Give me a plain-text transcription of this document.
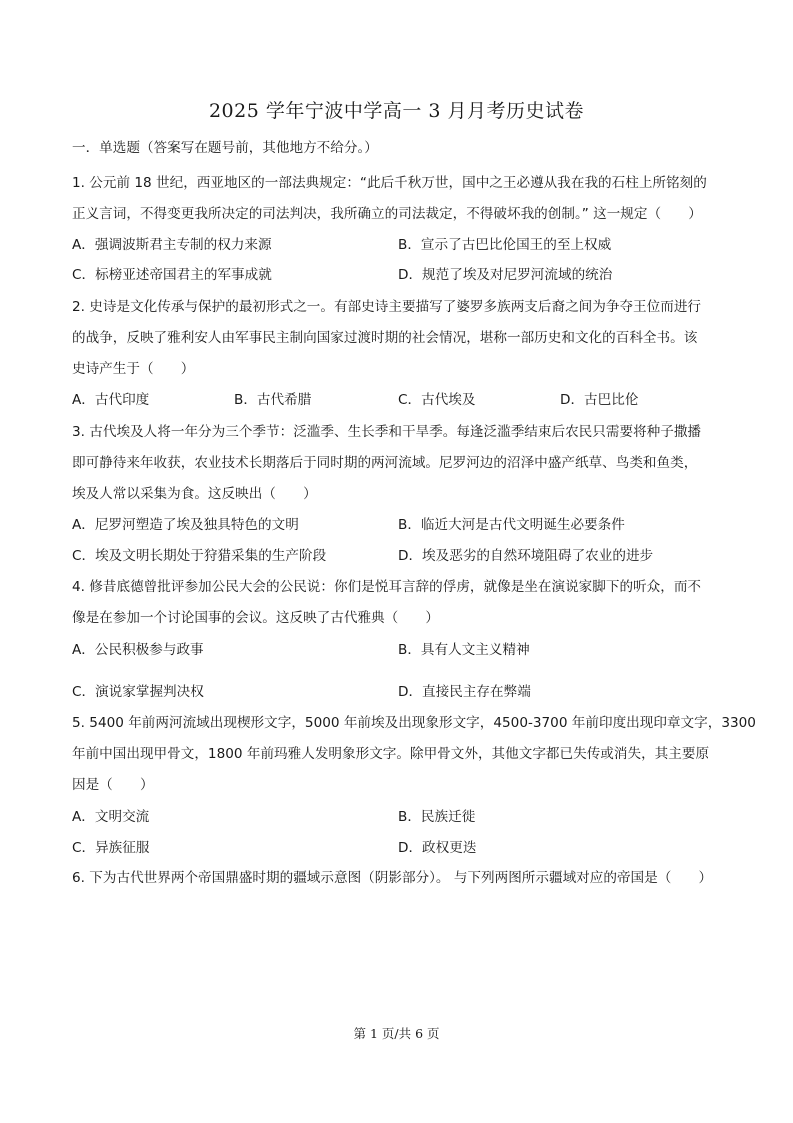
2025 学年宁波中学高一 3 月月考历史试卷
一．单选题（答案写在题号前，其他地方不给分。）
1. 公元前 18 世纪，西亚地区的一部法典规定：“此后千秋万世，国中之王必遵从我在我的石柱上所铭刻的
正义言词，不得变更我所决定的司法判决，我所确立的司法裁定，不得破坏我的创制。” 这一规定（　　）
A．强调波斯君主专制的权力来源	B．宣示了古巴比伦国王的至上权威
C．标榜亚述帝国君主的军事成就	D．规范了埃及对尼罗河流域的统治
2. 史诗是文化传承与保护的最初形式之一。有部史诗主要描写了婆罗多族两支后裔之间为争夺王位而进行
的战争，反映了雅利安人由军事民主制向国家过渡时期的社会情况，堪称一部历史和文化的百科全书。该
史诗产生于（　　）
A．古代印度	B．古代希腊	C．古代埃及	D．古巴比伦
3. 古代埃及人将一年分为三个季节：泛滥季、生长季和干旱季。每逢泛滥季结束后农民只需要将种子撒播
即可静待来年收获，农业技术长期落后于同时期的两河流域。尼罗河边的沼泽中盛产纸草、鸟类和鱼类，
埃及人常以采集为食。这反映出（　　）
A．尼罗河塑造了埃及独具特色的文明	B．临近大河是古代文明诞生必要条件
C．埃及文明长期处于狩猎采集的生产阶段	D．埃及恶劣的自然环境阻碍了农业的进步
4. 修昔底德曾批评参加公民大会的公民说：你们是悦耳言辞的俘虏，就像是坐在演说家脚下的听众，而不
像是在参加一个讨论国事的会议。这反映了古代雅典（　　）
A．公民积极参与政事	B．具有人文主义精神
C．演说家掌握判决权	D．直接民主存在弊端
5. 5400 年前两河流域出现楔形文字，5000 年前埃及出现象形文字，4500-3700 年前印度出现印章文字，3300
年前中国出现甲骨文，1800 年前玛雅人发明象形文字。除甲骨文外，其他文字都已失传或消失，其主要原
因是（　　）
A．文明交流	B．民族迁徙
C．异族征服	D．政权更迭
6. 下为古代世界两个帝国鼎盛时期的疆域示意图（阴影部分）。 与下列两图所示疆域对应的帝国是（　　）
第 1 页/共 6 页
